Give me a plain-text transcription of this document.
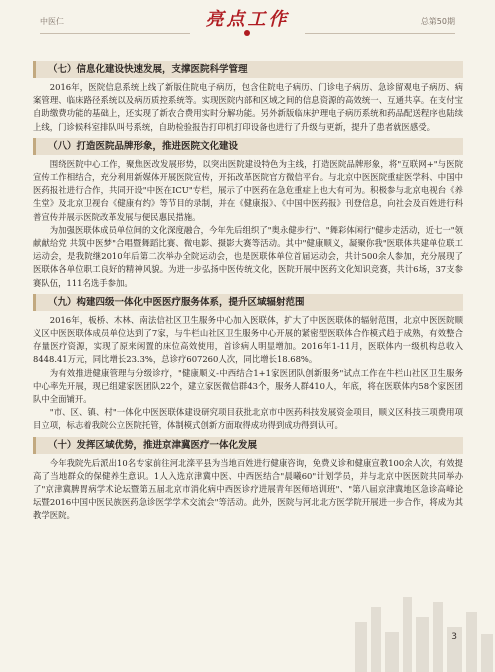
中医仁	亮点工作	总第50期
（七）信息化建设快速发展，支撑医院科学管理

2016年，医院信息系统上线了新版住院电子病历，包含住院电子病历、门诊电子病历、急诊留观电子病历、病案管理、临床路径系统以及病历质控系统等。实现医院内部和区域之间的信息资源的高效统一、互通共享。在支付宝自助缴费功能的基础上，还实现了新农合费用实时分解功能。另外新版临床护理电子病历系统和药品配送程序也陆续上线，门诊候科室排队叫号系统，自助检验报告打印机打印设备也进行了升级与更新，提升了患者就医感受。

（八）打造医院品牌形象，推进医院文化建设

围绕医院中心工作，聚焦医改发展形势，以突出医院建设特色为主线，打造医院品牌形象，将"互联网+"与医院宣传工作相结合，充分利用新媒体开展医院宣传，开拓改革医院官方微信平台。与北京中医医院重症医学科、中国中医药报社进行合作，共同开设"中医在ICU"专栏，展示了中医药在急危重症上也大有可为。积极参与北京电视台《养生堂》及北京卫视台《健康有约》等节目的录制，并在《健康报》、《中国中医药报》刊登信息，向社会及百姓进行科普宣传并展示医院改革发展与便民惠民措施。

为加强医联体成员单位间的文化深度融合，今年先后组织了"奥永健步行"、"舞彩体闲行"健步走活动，近七一"领献献给党 共筑中医梦"合唱暨舞蹈比赛、微电影、摄影大赛等活动。其中"健康顺义，凝聚你我"医联体共建单位联工运动会，是我院继2010年后第二次举办全院运动会，也是医联体单位首届运动会，共计500余人参加，充分展现了医联体各单位职工良好的精神风貌。为进一步弘扬中医传统文化，医院开展中医药文化知识竞赛，共计6场，37支参赛队伍，111名选手参加。

（九）构建四级一体化中医医疗服务体系，提升区域辐射范围

2016年，板桥、木林、南法信社区卫生服务中心加入医联体，扩大了中医医联体的辐射范围，北京中医医院顺义区中医医联体成员单位达到了7家，与牛栏山社区卫生服务中心开展的紧密型医联体合作模式趋于成熟，有效整合存量医疗资源，实现了原来闲置的床位高效使用，首诊病人明显增加。2016年1-11月，医联体内一级机构总收入8448.41万元，同比增长23.3%，总诊疗607260人次，同比增长18.68%。

为有效推进健康管理与分级诊疗，"健康顺义-中西结合1+1家医团队创新服务"试点工作在牛栏山社区卫生服务中心率先开展，现已组建家医团队22个，建立家医微信群43个，服务人群410人，年底，将在医联体内58个家医团队中全面铺开。

"市、区、镇、村"一体化中医医联体建设研究项目获批北京市中医药科技发展资金项目，顺义区科技三项费用项目立项，标志着我院公立医院托管，体制模式创新方面取得成功得到成功得到认可。

（十）发挥区域优势，推进京津冀医疗一体化发展

今年我院先后派出10名专家前往河北滦平县为当地百姓进行健康咨询，免费义诊和健康宣教100余人次，有效提高了当地群众的保健养生意识。1人入选京津冀中医、中西医结合"晨曦60"计划学员，并与北京中医医院共同举办了"京津冀脾胃病学术论坛暨第五届北京市消化病中西医诊疗进展青年医师培训班"、"第八届京津冀地区急诊高峰论坛暨2016中国中医民族医药急诊医学学术交流会"等活动。此外，医院与河北北方医学院开展进一步合作，将成为其教学医院。

3
